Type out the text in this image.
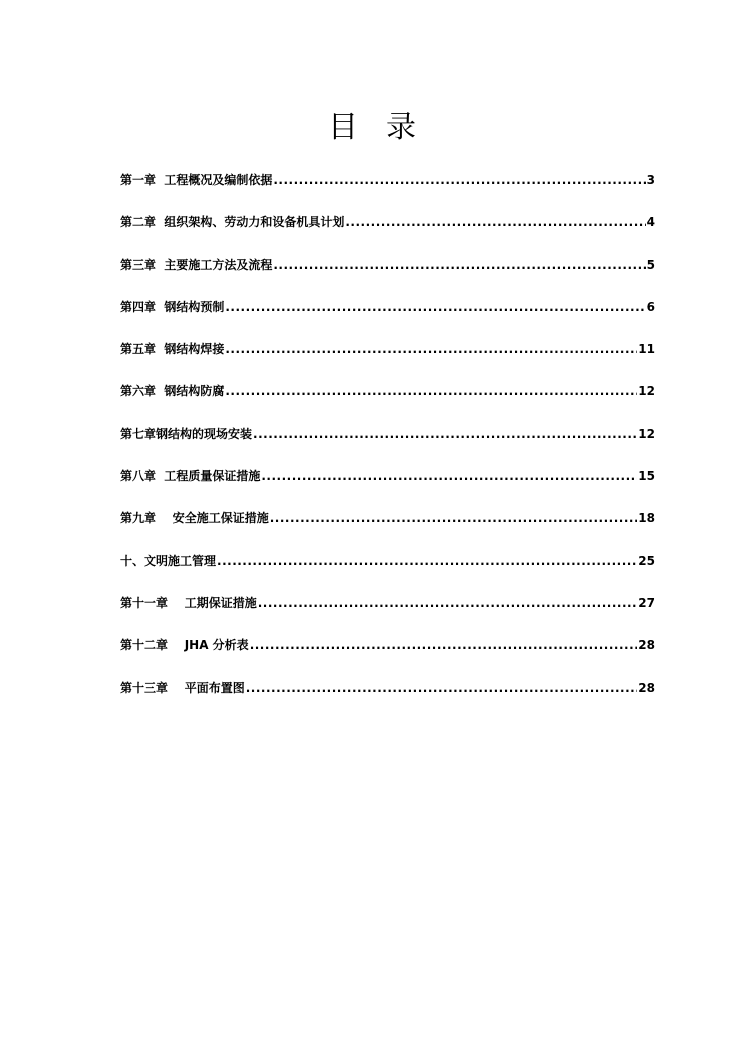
目 录
第一章  工程概况及编制依据 .....	3
第二章  组织架构、劳动力和设备机具计划 .....	4
第三章  主要施工方法及流程 .....	5
第四章  钢结构预制 .....	6
第五章  钢结构焊接 .....	11
第六章  钢结构防腐 .....	12
第七章钢结构的现场安装 .....	12
第八章  工程质量保证措施 .....	15
第九章    安全施工保证措施 .....	18
十、文明施工管理 .....	25
第十一章    工期保证措施 .....	27
第十二章    JHA 分析表 .....	28
第十三章    平面布置图 .....	28
